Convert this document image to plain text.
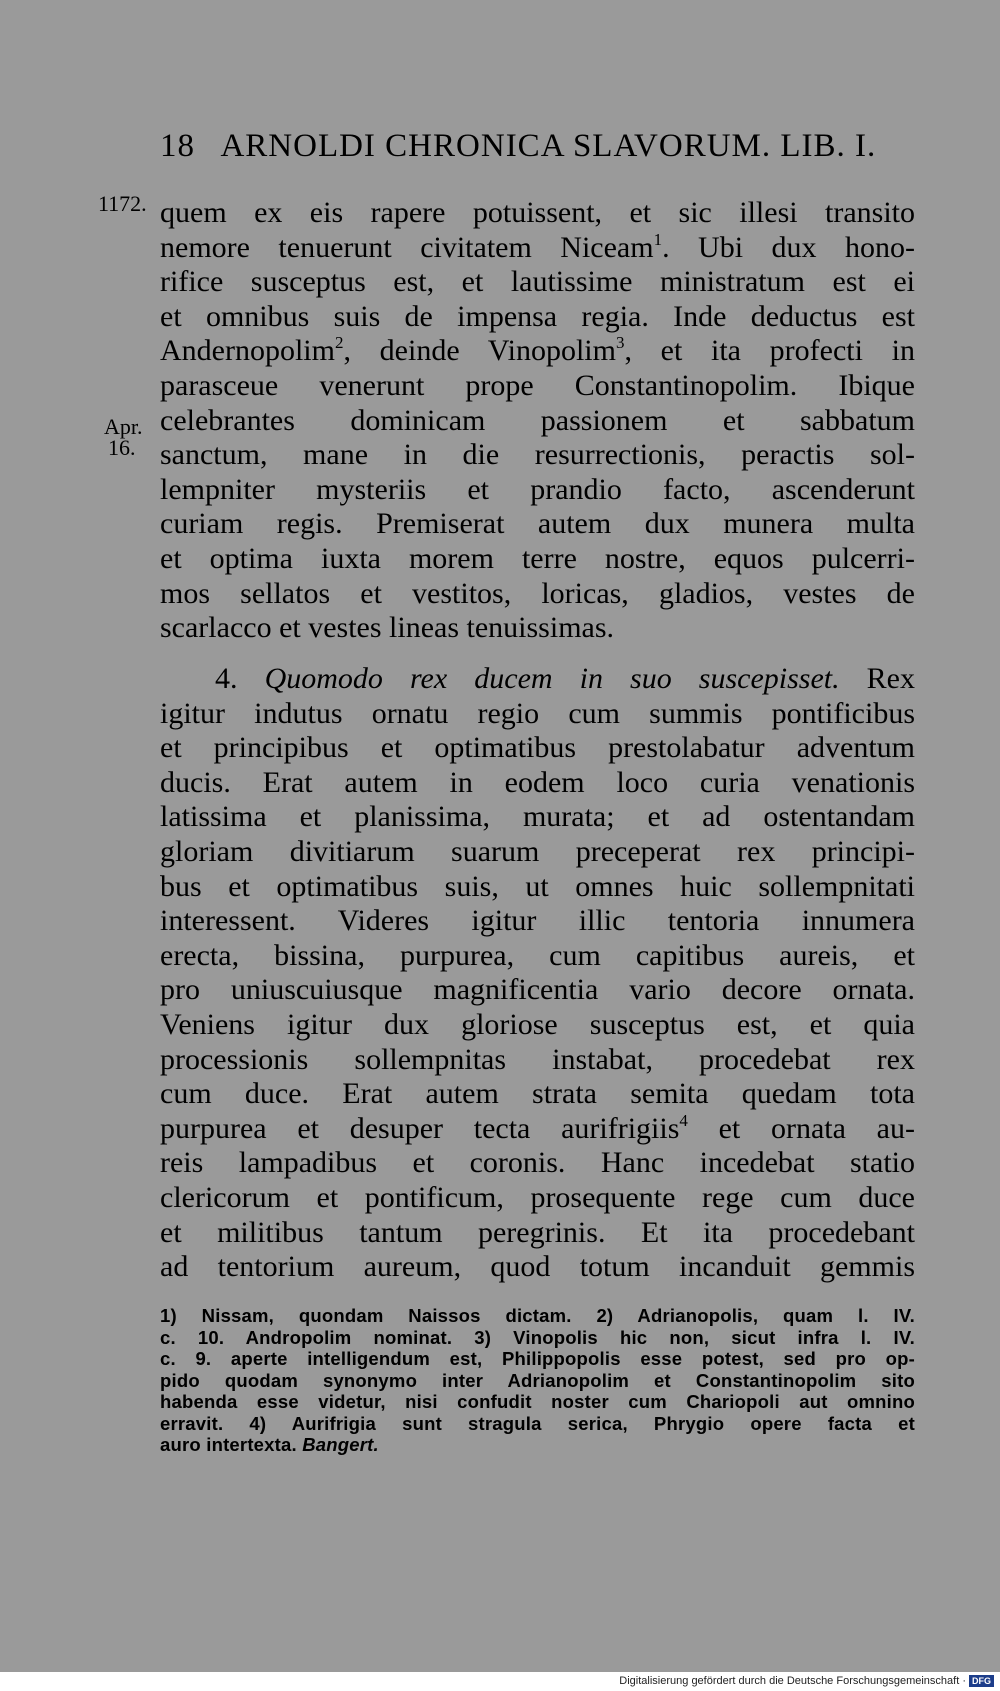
18 ARNOLDI CHRONICA SLAVORUM. LIB. I.
1172.
Apr.
16.
quem ex eis rapere potuissent, et sic illesi transito
nemore tenuerunt civitatem Niceam$^1$. Ubi dux hono-
rifice susceptus est, et lautissime ministratum est ei
et omnibus suis de impensa regia. Inde deductus est
Andernopolim$^2$, deinde Vinopolim$^3$, et ita profecti in
parasceue venerunt prope Constantinopolim. Ibique
celebrantes dominicam passionem et sabbatum
sanctum, mane in die resurrectionis, peractis sol-
lempniter mysteriis et prandio facto, ascenderunt
curiam regis. Premiserat autem dux munera multa
et optima iuxta morem terre nostre, equos pulcerri-
mos sellatos et vestitos, loricas, gladios, vestes de
scarlacco et vestes lineas tenuissimas.
4. Quomodo rex ducem in suo suscepisset. Rex
igitur indutus ornatu regio cum summis pontificibus
et principibus et optimatibus prestolabatur adventum
ducis. Erat autem in eodem loco curia venationis
latissima et planissima, murata; et ad ostentandam
gloriam divitiarum suarum preceperat rex principi-
bus et optimatibus suis, ut omnes huic sollempnitati
interessent. Videres igitur illic tentoria innumera
erecta, bissina, purpurea, cum capitibus aureis, et
pro uniuscuiusque magnificentia vario decore ornata.
Veniens igitur dux gloriose susceptus est, et quia
processionis sollempnitas instabat, procedebat rex
cum duce. Erat autem strata semita quedam tota
purpurea et desuper tecta aurifrigiis$^4$ et ornata au-
reis lampadibus et coronis. Hanc incedebat statio
clericorum et pontificum, prosequente rege cum duce
et militibus tantum peregrinis. Et ita procedebant
ad tentorium aureum, quod totum incanduit gemmis
1) Nissam, quondam Naissos dictam. 2) Adrianopolis, quam l. IV.
c. 10. Andropolim nominat. 3) Vinopolis hic non, sicut infra l. IV.
c. 9. aperte intelligendum est, Philippopolis esse potest, sed pro op-
pido quodam synonymo inter Adrianopolim et Constantinopolim sito
habenda esse videtur, nisi confudit noster cum Chariopoli aut omnino
erravit. 4) Aurifrigia sunt stragula serica, Phrygio opere facta et
auro intertexta. Bangert.
Digitalisierung gefördert durch die Deutsche Forschungsgemeinschaft · DFG
